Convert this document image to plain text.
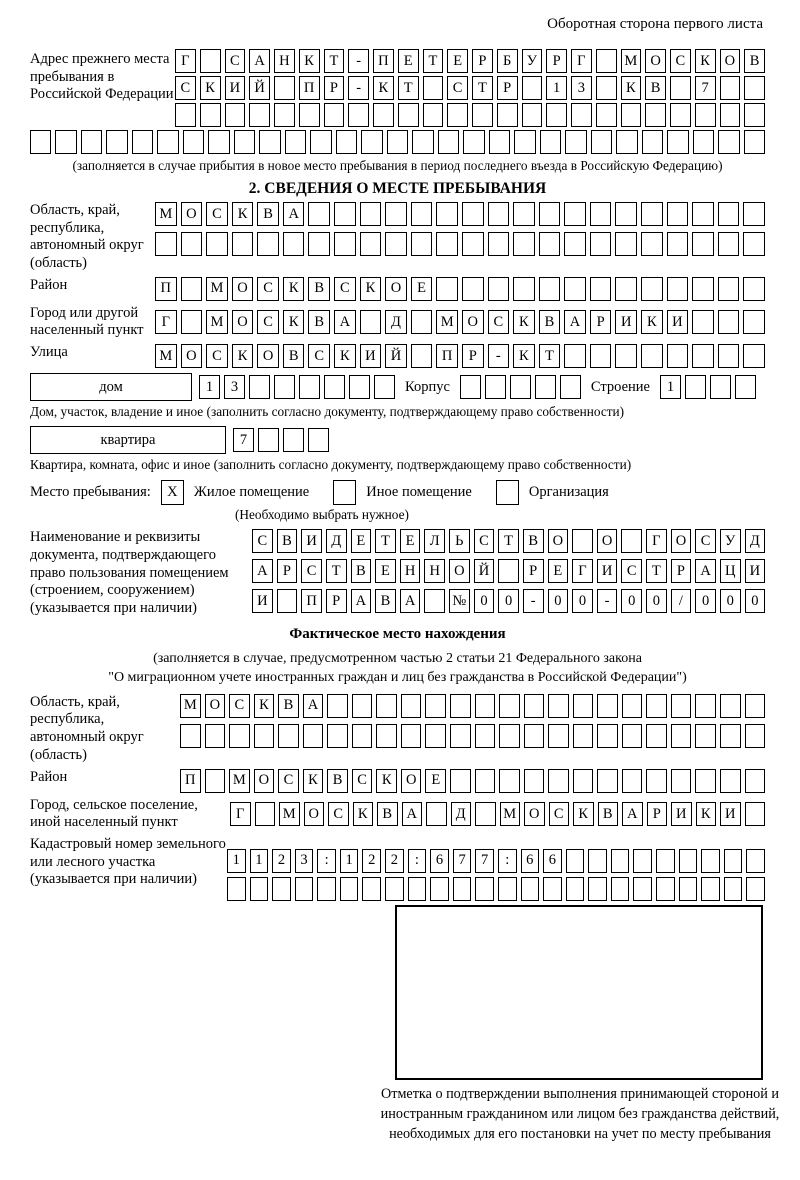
Оборотная сторона первого листа
Адрес прежнего места пребывания в Российской Федерации
Г	С	А Н	К	Т	-	П	Е	Т	Е	Р	Б	У	Р	Г	М О	С	К	О	В
С	К	И Й	П	Р	-	К	Т	С	Т	Р	1	3	К	В	7
(заполняется в случае прибытия в новое место пребывания в период последнего въезда в Российскую Федерацию)
2. СВЕДЕНИЯ О МЕСТЕ ПРЕБЫВАНИЯ
Область, край, республика, автономный округ (область)
М О	С	К	В	А
Район	П	М О	С	К	В	С	К	О	Е
Город или другой населенный пункт
Г	М О	С	К	В	А	Д	М О	С	К	В	А	Р	И	К	И
Улица	М О	С	К	О	В	С	К	И	Й	П	Р	-	К	Т
дом	1	3	Корпус	Строение	1
Дом, участок, владение и иное (заполнить согласно документу, подтверждающему право собственности)
квартира	7
Квартира, комната, офис и иное (заполнить согласно документу, подтверждающему право собственности)
Место пребывания:	X	Жилое помещение	Иное помещение	Организация
(Необходимо выбрать нужное)
Наименование и реквизиты документа, подтверждающего право пользования помещением (строением, сооружением) (указывается при наличии)
С	В	И Д	Е	Т	Е	Л	Ь	С	Т	В	О	О	Г	О	С	У	Д
А	Р	С	Т	В	Е	Н Н О Й	Р	Е	Г	И	С	Т	Р	А Ц И
И	П	Р	А	В	А	№ 0	0	-	0	0	-	0	0	/	0	0	0
Фактическое место нахождения
(заполняется в случае, предусмотренном частью 2 статьи 21 Федерального закона
"О миграционном учете иностранных граждан и лиц без гражданства в Российской Федерации")
Область, край, республика, автономный округ (область)
М О С	К	В А
Район	П	М О С	К	В	С	К О	Е
Город, сельское поселение, иной населенный пункт
Г	М О С	К	В А	Д	М О С	К	В А	Р	И К И
Кадастровый номер земельного или лесного участка (указывается при наличии)
1	1	2	3	:	1	2	2	:	6	7	7	:	6	6
Отметка о подтверждении выполнения принимающей стороной и иностранным гражданином или лицом без гражданства действий, необходимых для его постановки на учет по месту пребывания
